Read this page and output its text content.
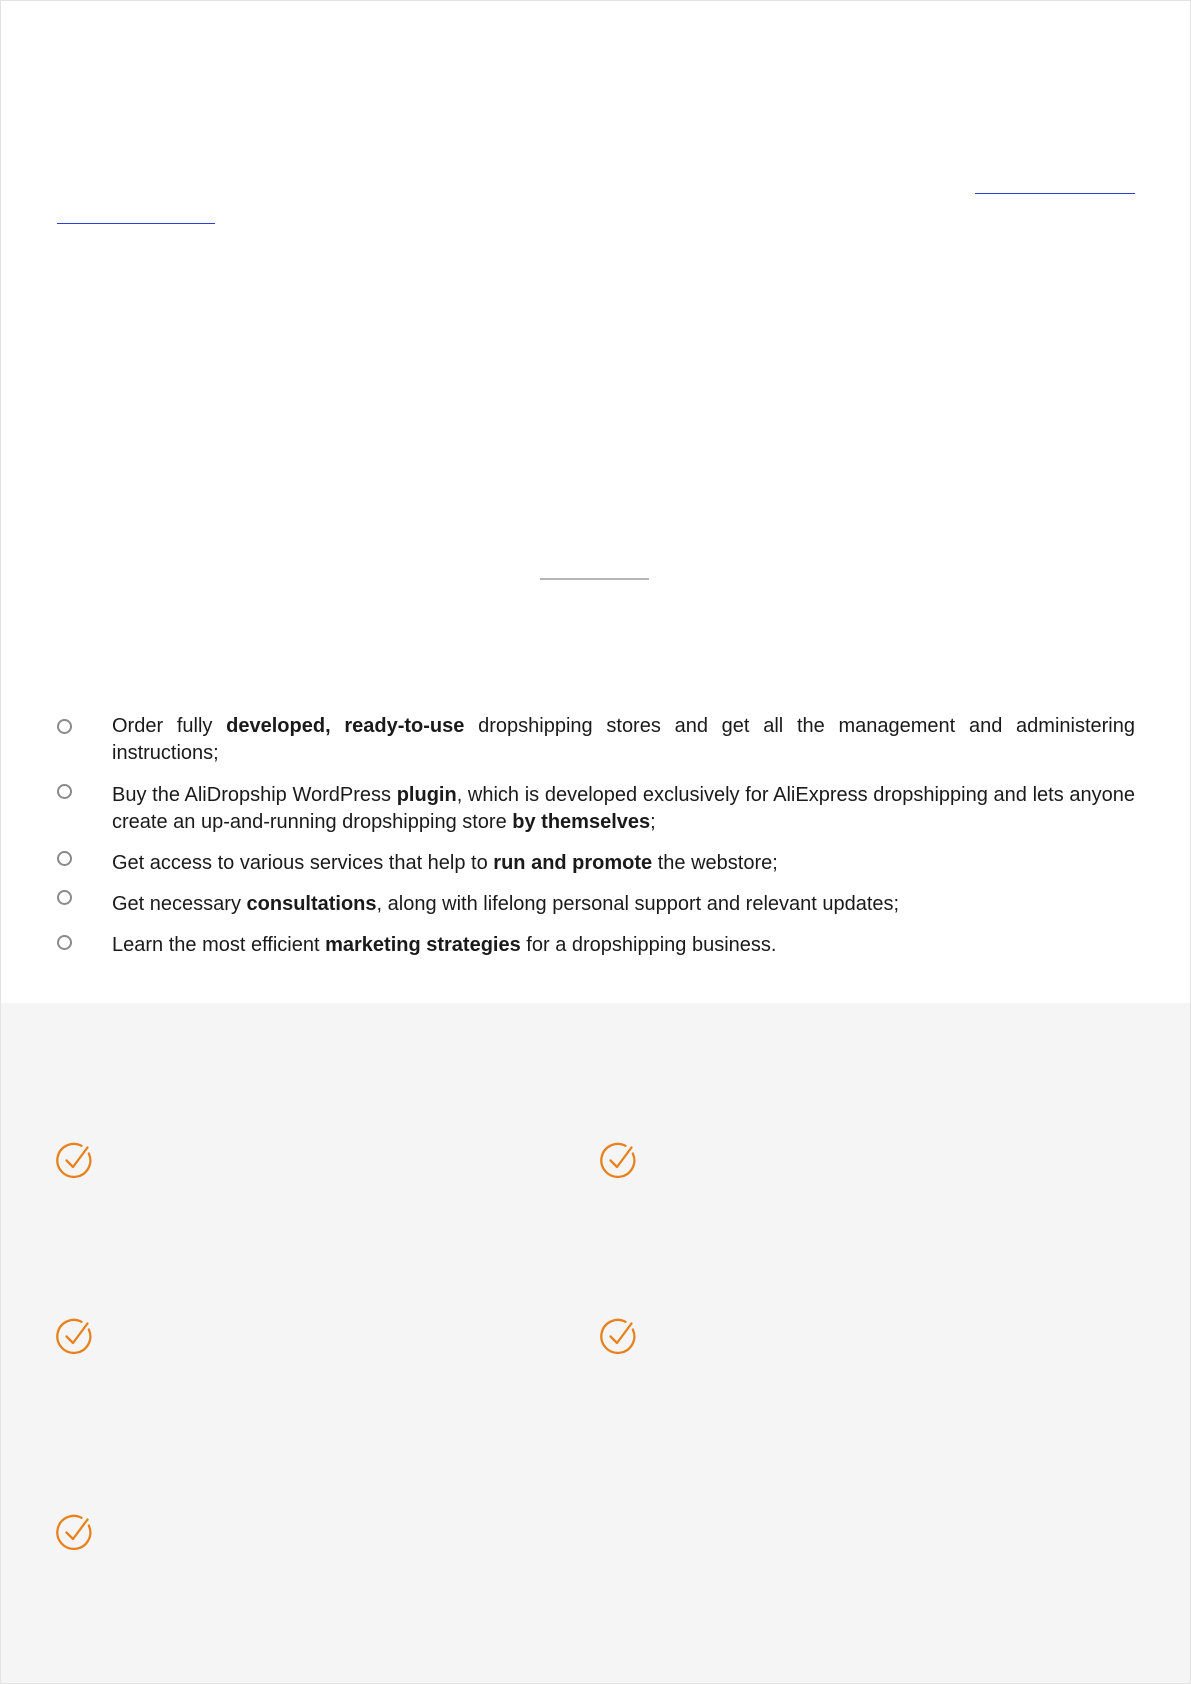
Order fully developed, ready-to-use dropshipping stores and get all the management and administering instructions;
Buy the AliDropship WordPress plugin, which is developed exclusively for AliExpress dropshipping and lets anyone create an up-and-running dropshipping store by themselves;
Get access to various services that help to run and promote the webstore;
Get necessary consultations, along with lifelong personal support and relevant updates;
Learn the most efficient marketing strategies for a dropshipping business.
